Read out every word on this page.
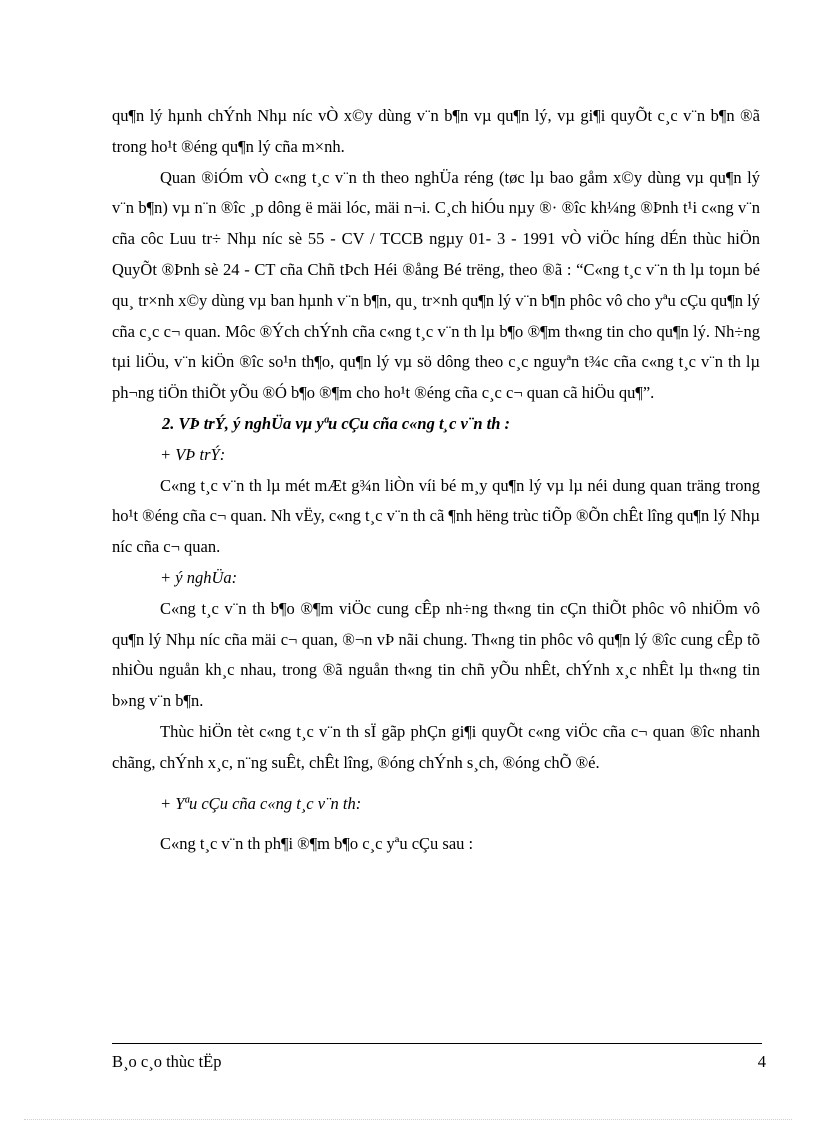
qu¶n lý hµnh chÝnh Nhµ níc vÒ x©y dùng v¨n b¶n vµ qu¶n lý, vµ gi¶i quyÕt c¸c v¨n b¶n ®ã trong ho¹t ®éng qu¶n lý cña m×nh.

Quan ®iÓm vÒ c«ng t¸c v¨n th theo nghÜa réng (tøc lµ bao gåm x©y dùng vµ qu¶n lý v¨n b¶n) vµ n¨n ®îc ¸p dông ë mäi lóc, mäi n¬i. C¸ch hiÓu nµy ®· ®îc kh¼ng ®Þnh t¹i c«ng v¨n cña côc Luu tr÷ Nhµ níc sè 55 - CV / TCCB ngµy 01- 3 - 1991 vÒ viÖc híng dÉn thùc hiÖn QuyÕt ®Þnh sè 24 - CT cña Chñ tÞch Héi ®ång Bé trëng, theo ®ã : “C«ng t¸c v¨n th lµ toµn bé qu¸ tr×nh x©y dùng vµ ban hµnh v¨n b¶n, qu¸ tr×nh qu¶n lý v¨n b¶n phôc vô cho yªu cÇu qu¶n lý cña c¸c c¬ quan. Môc ®Ých chÝnh cña c«ng t¸c v¨n th lµ b¶o ®¶m th«ng tin cho qu¶n lý. Nh÷ng tµi liÖu, v¨n kiÖn ®îc so¹n th¶o, qu¶n lý vµ sö dông theo c¸c nguyªn t¾c cña c«ng t¸c v¨n th lµ ph¬ng tiÖn thiÕt yÕu ®Ó b¶o ®¶m cho ho¹t ®éng cña c¸c c¬ quan cã hiÖu qu¶”.

2. VÞ trÝ, ý nghÜa vµ yªu cÇu cña c«ng t¸c v¨n th :

+ VÞ trÝ:

C«ng t¸c v¨n th lµ mét mÆt g¾n liÒn víi bé m¸y qu¶n lý vµ lµ néi dung quan träng trong ho¹t ®éng cña c¬ quan. Nh vËy, c«ng t¸c v¨n th cã ¶nh hëng trùc tiÕp ®Õn chÊt lîng qu¶n lý Nhµ níc cña c¬ quan.

+ ý nghÜa:

C«ng t¸c v¨n th b¶o ®¶m viÖc cung cÊp nh÷ng th«ng tin cÇn thiÕt phôc vô nhiÖm vô qu¶n lý Nhµ níc cña mäi c¬ quan, ®¬n vÞ nãi chung. Th«ng tin phôc vô qu¶n lý ®îc cung cÊp tõ nhiÒu nguån kh¸c nhau, trong ®ã nguån th«ng tin chñ yÕu nhÊt, chÝnh x¸c nhÊt lµ th«ng tin b»ng v¨n b¶n.

Thùc hiÖn tèt c«ng t¸c v¨n th sÏ gãp phÇn gi¶i quyÕt c«ng viÖc cña c¬ quan ®îc nhanh chãng, chÝnh x¸c, n¨ng suÊt, chÊt lîng, ®óng chÝnh s¸ch, ®óng chÕ ®é.

+ Yªu cÇu cña c«ng t¸c v¨n th:

C«ng t¸c v¨n th ph¶i ®¶m b¶o c¸c yªu cÇu sau :

B¸o c¸o thùc tËp	4
